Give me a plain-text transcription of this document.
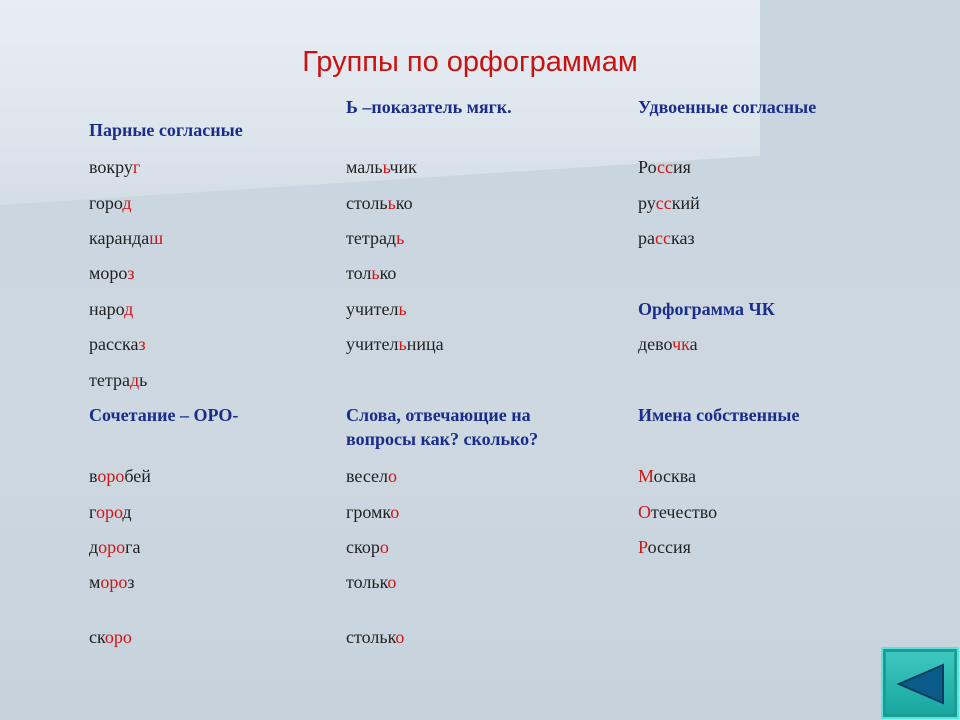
Группы по орфограммам
Парные согласные
вокруг
город
карандаш
мороз
народ
рассказ
тетрадь
Сочетание – ОРО-
воробей
город
дорога
мороз
скоро
Ь –показатель мягк.
малььчик
стольько
тетрадь
только
учитель
учительница
Слова, отвечающие на
вопросы как? сколько?
весело
громко
скоро
только
столько
Удвоенные согласные
Россия
русский
рассказ
Орфограмма ЧК
девочка
Имена собственные
Москва
Отечество
Россия
